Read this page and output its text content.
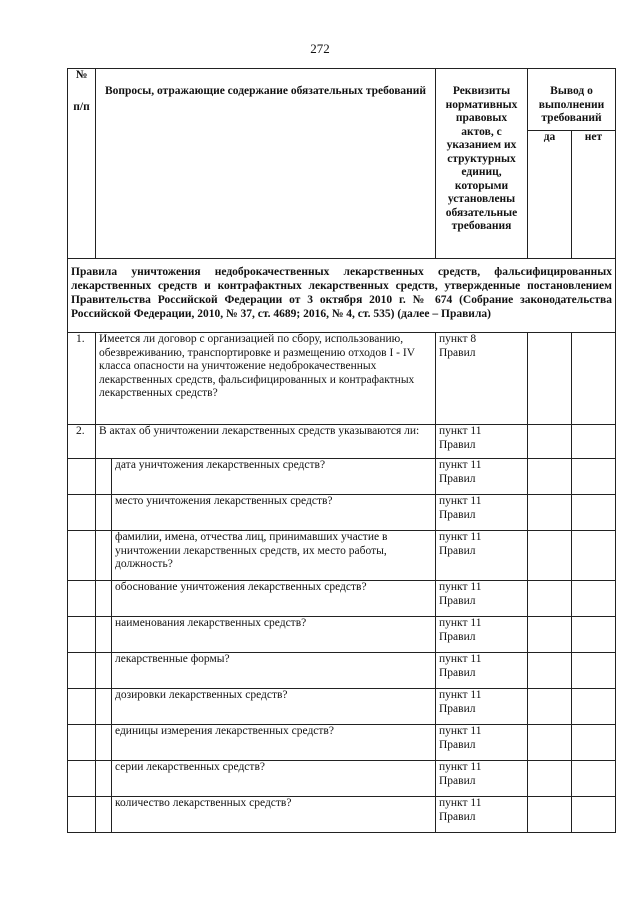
272
№
п/п	Вопросы, отражающие содержание обязательных требований		Реквизиты нормативных правовых актов, с указанием их структурных единиц, которыми установлены обязательные требования	Вывод о выполнении требований	
				да	нет
Правила уничтожения недоброкачественных лекарственных средств, фальсифицированных лекарственных средств и контрафактных лекарственных средств, утвержденные постановлением Правительства Российской Федерации от 3 октября 2010 г. № 674 (Собрание законодательства Российской Федерации, 2010, № 37, ст. 4689; 2016, № 4, ст. 535) (далее – Правила)					
1.	Имеется ли договор с организацией по сбору, использованию, обезвреживанию, транспортировке и размещению отходов I - IV класса опасности на уничтожение недоброкачественных лекарственных средств, фальсифицированных и контрафактных лекарственных средств?		пункт 8
Правил		

2.	В актах об уничтожении лекарственных средств указываются ли:		пункт 11
Правил		

		дата уничтожения лекарственных средств?	пункт 11
Правил		

		место уничтожения лекарственных средств?	пункт 11
Правил		

		фамилии, имена, отчества лиц, принимавших участие в уничтожении лекарственных средств, их место работы, должность?	пункт 11
Правил		

		обоснование уничтожения лекарственных средств?	пункт 11
Правил		

		наименования лекарственных средств?	пункт 11
Правил		

		лекарственные формы?	пункт 11
Правил		

		дозировки лекарственных средств?	пункт 11
Правил		

		единицы измерения лекарственных средств?	пункт 11
Правил		

		серии лекарственных средств?	пункт 11
Правил		

		количество лекарственных средств?	пункт 11
Правил		
